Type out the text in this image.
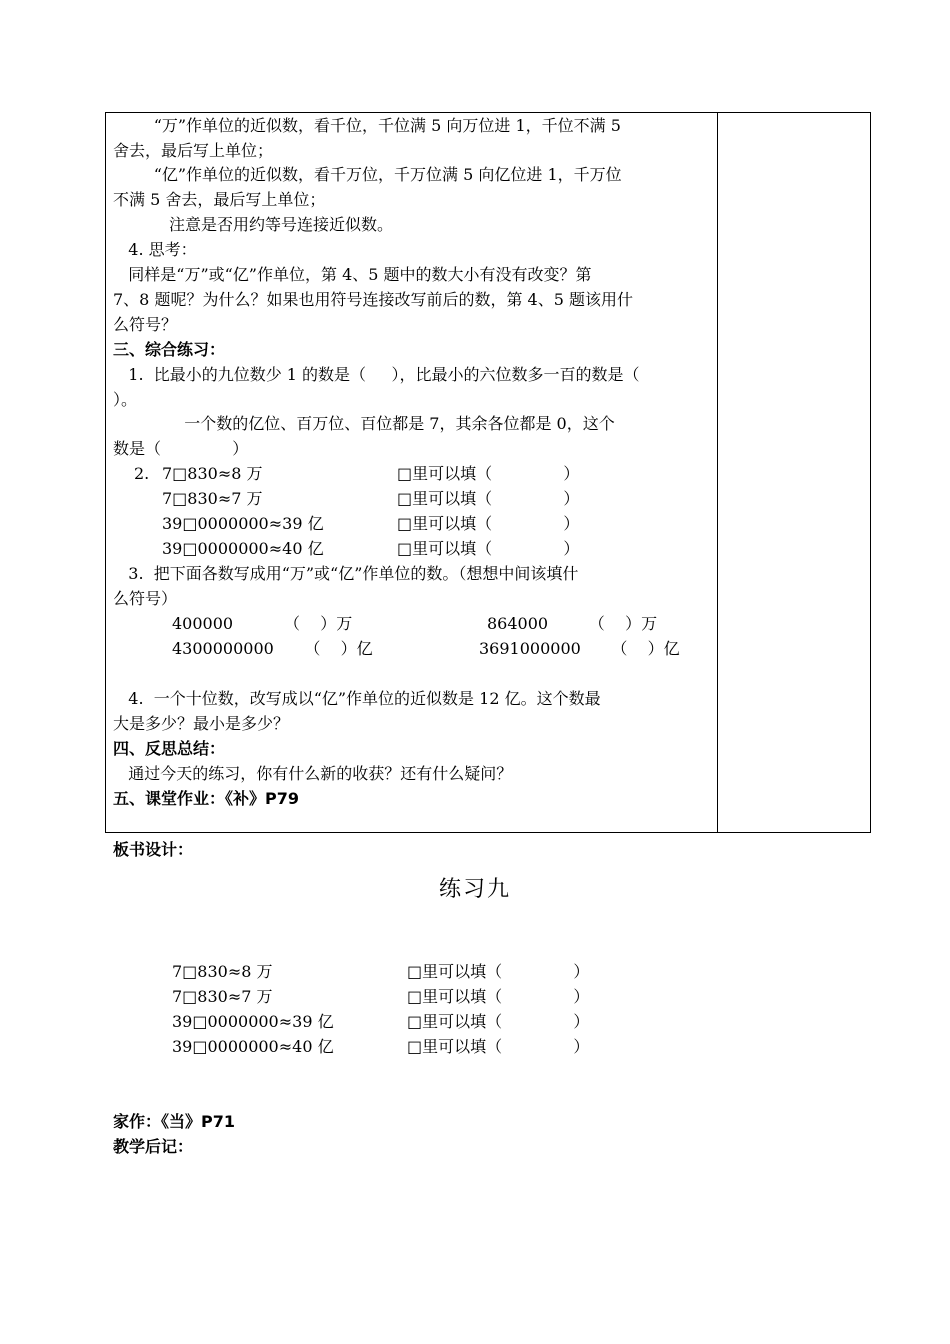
“万”作单位的近似数，看千位，千位满 5 向万位进 1，千位不满 5
舍去，最后写上单位；
“亿”作单位的近似数，看千万位，千万位满 5 向亿位进 1，千万位
不满 5 舍去，最后写上单位；
注意是否用约等号连接近似数。
4. 思考：
同样是“万”或“亿”作单位，第 4、5 题中的数大小有没有改变？第
7、8 题呢？为什么？如果也用符号连接改写前后的数，第 4、5 题该用什
么符号？
三、综合练习：
1.  比最小的九位数少 1 的数是（     ），比最小的六位数多一百的数是（
）。
一个数的亿位、百万位、百位都是 7，其余各位都是 0，这个
数是（              ）
2. 7□830≈8 万	□里可以填（              ）
7□830≈7 万	□里可以填（              ）
39□0000000≈39 亿	□里可以填（              ）
39□0000000≈40 亿	□里可以填（              ）
3.  把下面各数写成用“万”或“亿”作单位的数。（想想中间该填什
么符号）
400000          （    ）万	864000        （    ）万
4300000000      （    ）亿	3691000000      （    ）亿
4.  一个十位数，改写成以“亿”作单位的近似数是 12 亿。这个数最
大是多少？最小是多少？
四、反思总结：
通过今天的练习，你有什么新的收获？还有什么疑问？
五、课堂作业：《补》P79
板书设计：
练习九
7□830≈8 万	□里可以填（              ）
7□830≈7 万	□里可以填（              ）
39□0000000≈39 亿	□里可以填（              ）
39□0000000≈40 亿	□里可以填（              ）
家作：《当》P71
教学后记：
